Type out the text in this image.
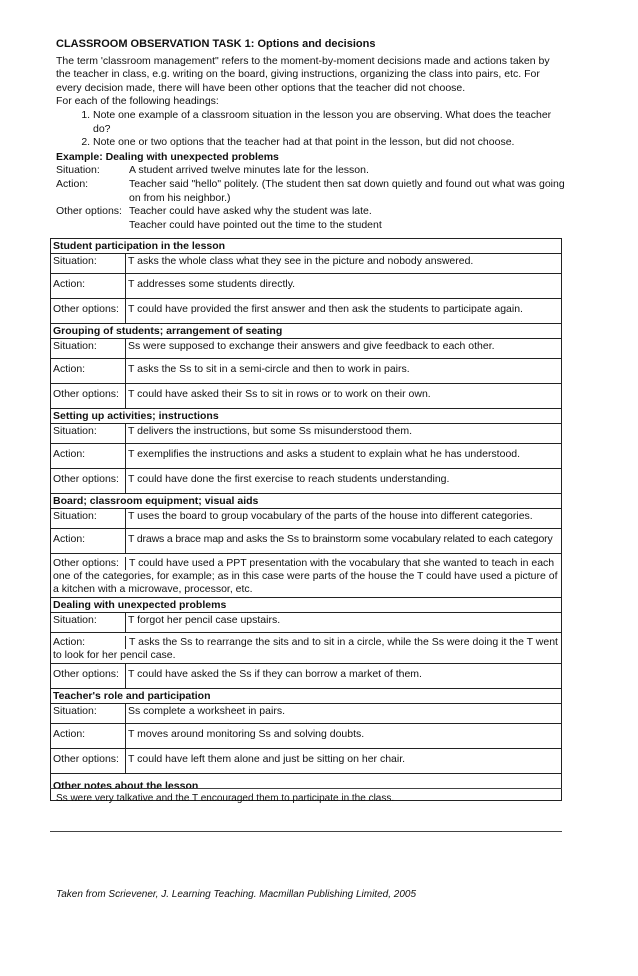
CLASSROOM OBSERVATION TASK 1: Options and decisions

The term 'classroom management" refers to the moment-by-moment decisions made and actions taken by the teacher in class, e.g. writing on the board, giving instructions, organizing the class into pairs, etc. For every decision made, there will have been other options that the teacher did not choose.

For each of the following headings:

1. Note one example of a classroom situation in the lesson you are observing. What does the teacher do?
2. Note one or two options that the teacher had at that point in the lesson, but did not choose.
Example: Dealing with unexpected problems
Situation:	A student arrived twelve minutes late for the lesson.
Action:	Teacher said "hello" politely. (The student then sat down quietly and found out what was going on from his neighbor.)
Other options: Teacher could have asked why the student was late.
Teacher could have pointed out the time to the student
Student participation in the lesson	
Situation:	T asks the whole class what they see in the picture and nobody answered.
Action:	T addresses some students directly.
Other options:	T could have provided the first answer and then ask the students to participate again.
Grouping of students; arrangement of seating	
Situation:	Ss were supposed to exchange their answers and give feedback to each other.
Action:	T asks the Ss to sit in a semi-circle and then to work in pairs.
Other options:	T could have asked their Ss to sit in rows or to work on their own.
Setting up activities; instructions	
Situation:	T delivers the instructions, but some Ss misunderstood them.
Action:	T exemplifies the instructions and asks a student to explain what he has understood.
Other options:	T could have done the first exercise to reach students understanding.
Board; classroom equipment; visual aids	
Situation:	T uses the board to group vocabulary of the parts of the house into different categories.
Action:	T draws a brace map and asks the Ss to brainstorm some vocabulary related to each category

Other options: T could have used a PPT presentation with the vocabulary that she wanted to teach in each
one of the categories, for example; as in this case were parts of the house the T could have used a picture of a kitchen with a microwave, processor, etc.	

Dealing with unexpected problems	
Situation:	T forgot her pencil case upstairs.

Action: T asks the Ss to rearrange the sits and to sit in a circle, while the Ss were doing it the T went
to look for her pencil case.	

Other options:	T could have asked the Ss if they can borrow a market of them.
Teacher's role and participation	
Situation:	Ss complete a worksheet in pairs.
Action:	T moves around monitoring Ss and solving doubts.
Other options:	T could have left them alone and just be sitting on her chair.
Other notes about the lesson	
Ss were very talkative and the T encouraged them to participate in the class.
Taken from Scrievener, J. Learning Teaching. Macmillan Publishing Limited, 2005
